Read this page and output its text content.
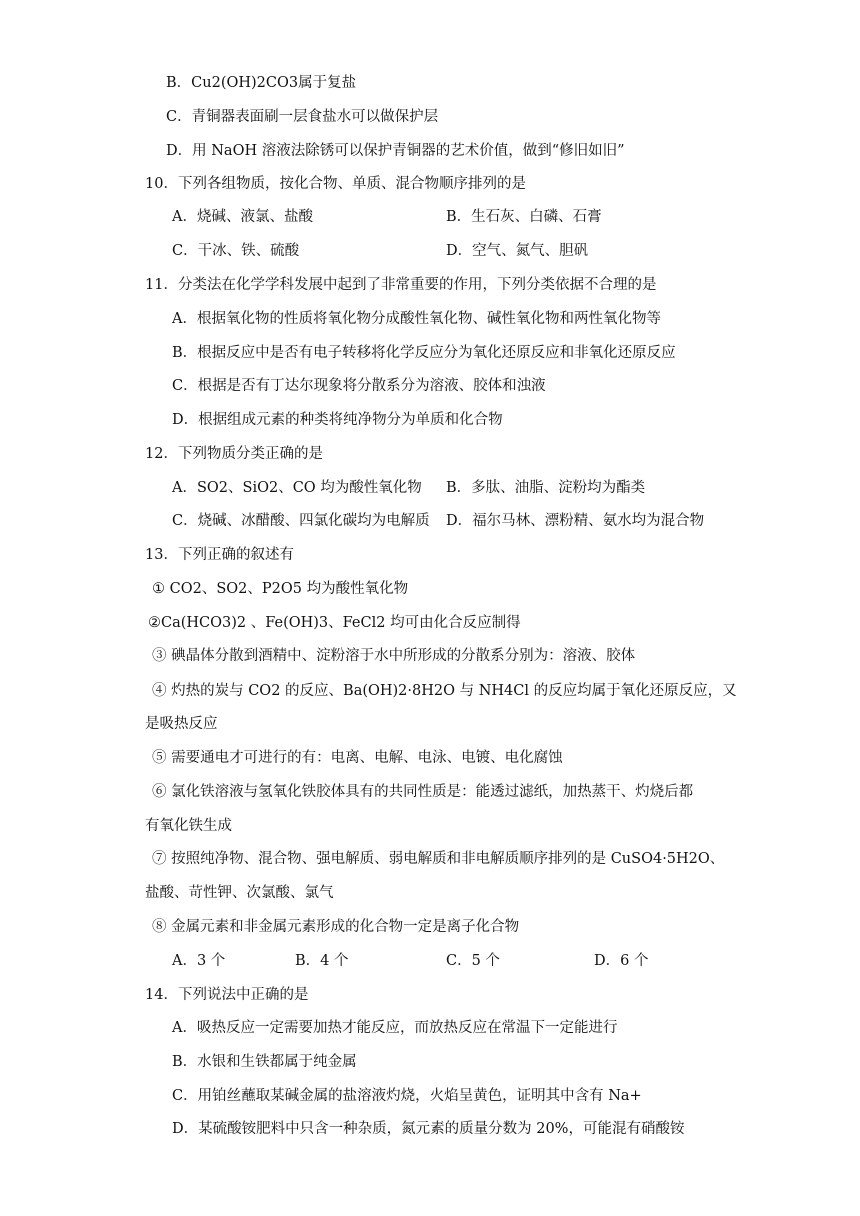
B．Cu2(OH)2CO3属于复盐
C．青铜器表面刷一层食盐水可以做保护层
D．用 NaOH 溶液法除锈可以保护青铜器的艺术价值，做到“修旧如旧”
10．下列各组物质，按化合物、单质、混合物顺序排列的是
A．烧碱、液氯、盐酸	B．生石灰、白磷、石膏
C．干冰、铁、硫酸	D．空气、氮气、胆矾
11．分类法在化学学科发展中起到了非常重要的作用，下列分类依据不合理的是
A．根据氧化物的性质将氧化物分成酸性氧化物、碱性氧化物和两性氧化物等
B．根据反应中是否有电子转移将化学反应分为氧化还原反应和非氧化还原反应
C．根据是否有丁达尔现象将分散系分为溶液、胶体和浊液
D．根据组成元素的种类将纯净物分为单质和化合物
12．下列物质分类正确的是
A．SO2、SiO2、CO 均为酸性氧化物 B．多肽、油脂、淀粉均为酯类
C．烧碱、冰醋酸、四氯化碳均为电解质 D．福尔马林、漂粉精、氨水均为混合物
13．下列正确的叙述有
① CO2、SO2、P2O5 均为酸性氧化物
②Ca(HCO3)2 、Fe(OH)3、FeCl2 均可由化合反应制得
③ 碘晶体分散到酒精中、淀粉溶于水中所形成的分散系分别为：溶液、胶体
④ 灼热的炭与 CO2 的反应、Ba(OH)2·8H2O 与 NH4Cl 的反应均属于氧化还原反应，又
是吸热反应
⑤ 需要通电才可进行的有：电离、电解、电泳、电镀、电化腐蚀
⑥ 氯化铁溶液与氢氧化铁胶体具有的共同性质是：能透过滤纸，加热蒸干、灼烧后都
有氧化铁生成
⑦ 按照纯净物、混合物、强电解质、弱电解质和非电解质顺序排列的是 CuSO4·5H2O、
盐酸、苛性钾、次氯酸、氯气
⑧ 金属元素和非金属元素形成的化合物一定是离子化合物
A．3 个	B．4 个	C．5 个	D．6 个
14．下列说法中正确的是
A．吸热反应一定需要加热才能反应，而放热反应在常温下一定能进行
B．水银和生铁都属于纯金属
C．用铂丝蘸取某碱金属的盐溶液灼烧，火焰呈黄色，证明其中含有 Na+
D．某硫酸铵肥料中只含一种杂质，氮元素的质量分数为 20%，可能混有硝酸铵
